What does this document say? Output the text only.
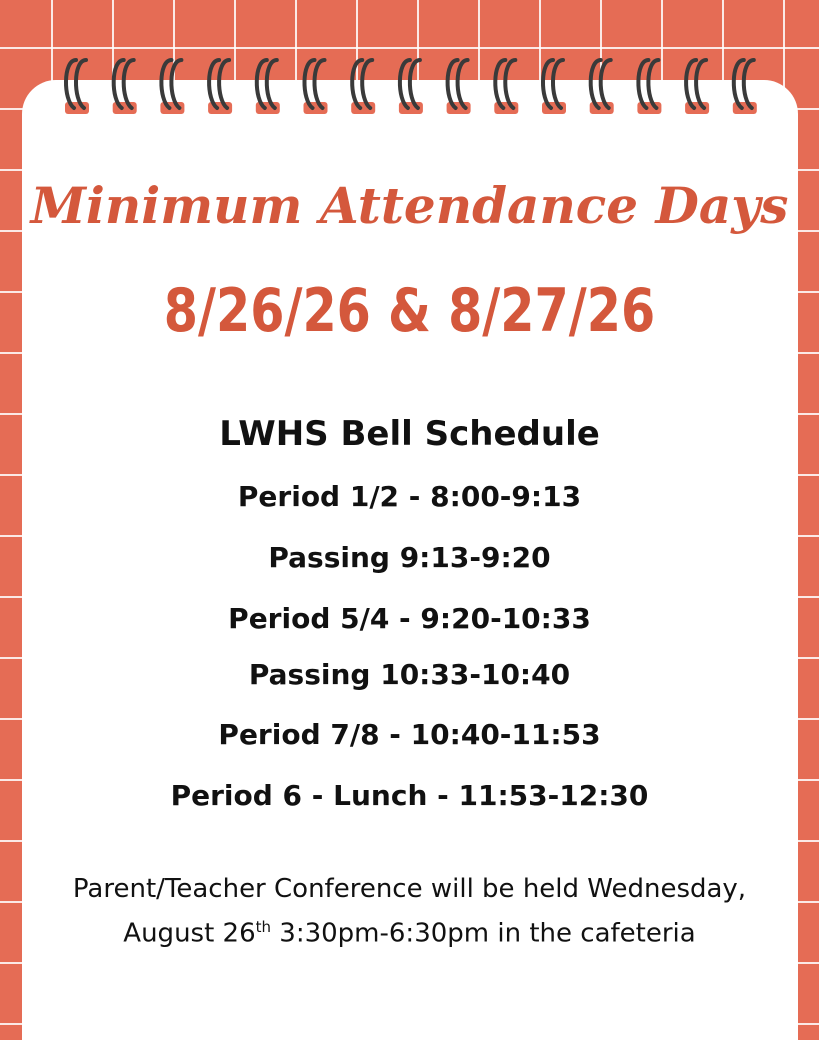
Minimum Attendance Days
8/26/26 & 8/27/26
LWHS Bell Schedule
Period 1/2 - 8:00-9:13
Passing 9:13-9:20
Period 5/4 - 9:20-10:33
Passing 10:33-10:40
Period 7/8 - 10:40-11:53
Period 6 - Lunch - 11:53-12:30
Parent/Teacher Conference will be held Wednesday,
August 26th 3:30pm-6:30pm in the cafeteria
